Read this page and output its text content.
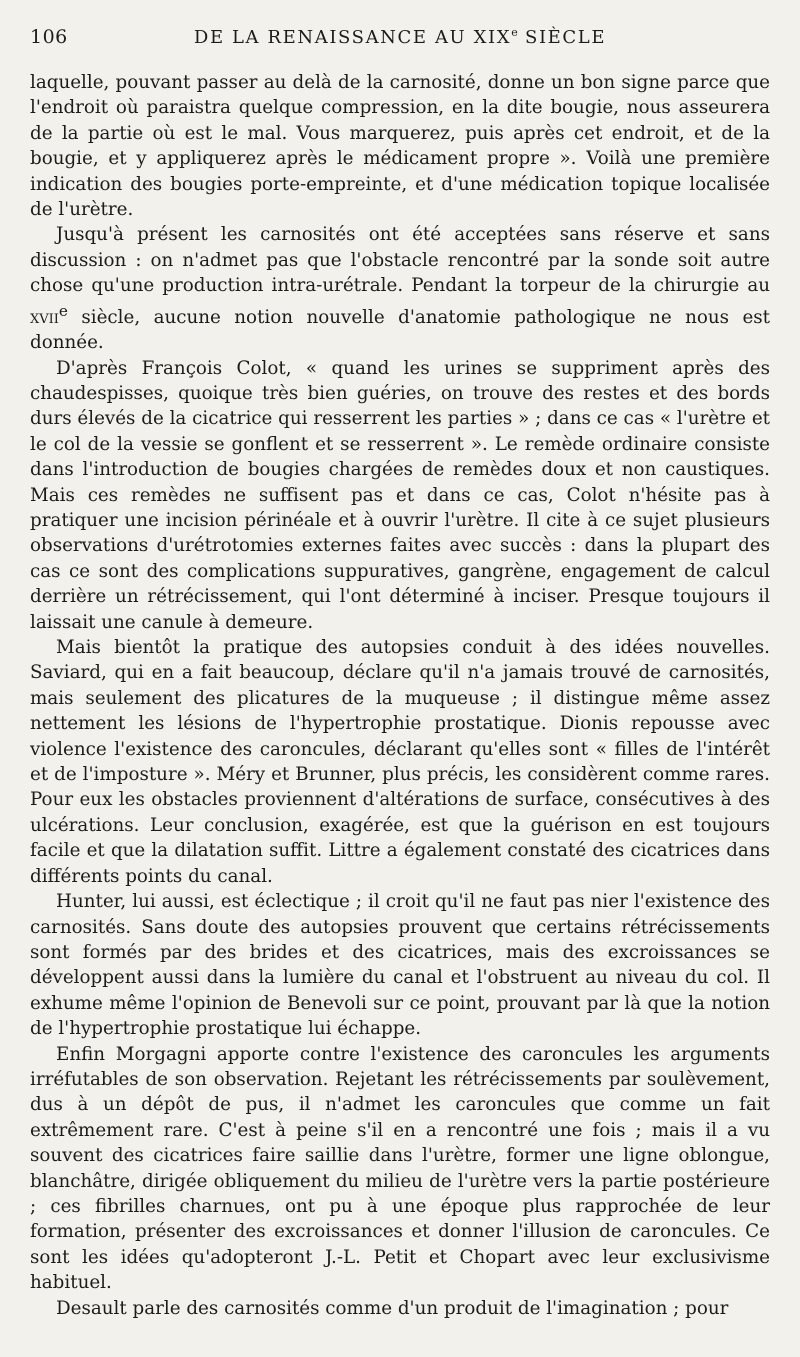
106	DE LA RENAISSANCE AU XIXe SIÈCLE

laquelle, pouvant passer au delà de la carnosité, donne un bon signe parce que l'endroit où paraistra quelque compression, en la dite bougie, nous asseurera de la partie où est le mal. Vous marquerez, puis après cet endroit, et de la bougie, et y appliquerez après le médicament propre ». Voilà une première indication des bougies porte-empreinte, et d'une médication topique localisée de l'urètre.

Jusqu'à présent les carnosités ont été acceptées sans réserve et sans discussion : on n'admet pas que l'obstacle rencontré par la sonde soit autre chose qu'une production intra-urétrale. Pendant la torpeur de la chirurgie au xvii$^e$ siècle, aucune notion nouvelle d'anatomie pathologique ne nous est donnée.

D'après François Colot, « quand les urines se suppriment après des chaudespisses, quoique très bien guéries, on trouve des restes et des bords durs élevés de la cicatrice qui resserrent les parties » ; dans ce cas « l'urètre et le col de la vessie se gonflent et se resserrent ». Le remède ordinaire consiste dans l'introduction de bougies chargées de remèdes doux et non caustiques. Mais ces remèdes ne suffisent pas et dans ce cas, Colot n'hésite pas à pratiquer une incision périnéale et à ouvrir l'urètre. Il cite à ce sujet plusieurs observations d'urétrotomies externes faites avec succès : dans la plupart des cas ce sont des complications suppuratives, gangrène, engagement de calcul derrière un rétrécissement, qui l'ont déterminé à inciser. Presque toujours il laissait une canule à demeure.

Mais bientôt la pratique des autopsies conduit à des idées nouvelles. Saviard, qui en a fait beaucoup, déclare qu'il n'a jamais trouvé de carnosités, mais seulement des plicatures de la muqueuse ; il distingue même assez nettement les lésions de l'hypertrophie prostatique. Dionis repousse avec violence l'existence des caroncules, déclarant qu'elles sont « filles de l'intérêt et de l'imposture ». Méry et Brunner, plus précis, les considèrent comme rares. Pour eux les obstacles proviennent d'altérations de surface, consécutives à des ulcérations. Leur conclusion, exagérée, est que la guérison en est toujours facile et que la dilatation suffit. Littre a également constaté des cicatrices dans différents points du canal.

Hunter, lui aussi, est éclectique ; il croit qu'il ne faut pas nier l'existence des carnosités. Sans doute des autopsies prouvent que certains rétrécissements sont formés par des brides et des cicatrices, mais des excroissances se développent aussi dans la lumière du canal et l'obstruent au niveau du col. Il exhume même l'opinion de Benevoli sur ce point, prouvant par là que la notion de l'hypertrophie prostatique lui échappe.

Enfin Morgagni apporte contre l'existence des caroncules les arguments irréfutables de son observation. Rejetant les rétrécissements par soulèvement, dus à un dépôt de pus, il n'admet les caroncules que comme un fait extrêmement rare. C'est à peine s'il en a rencontré une fois ; mais il a vu souvent des cicatrices faire saillie dans l'urètre, former une ligne oblongue, blanchâtre, dirigée obliquement du milieu de l'urètre vers la partie postérieure ; ces fibrilles charnues, ont pu à une époque plus rapprochée de leur formation, présenter des excroissances et donner l'illusion de caroncules. Ce sont les idées qu'adopteront J.-L. Petit et Chopart avec leur exclusivisme habituel.

Desault parle des carnosités comme d'un produit de l'imagination ; pour
